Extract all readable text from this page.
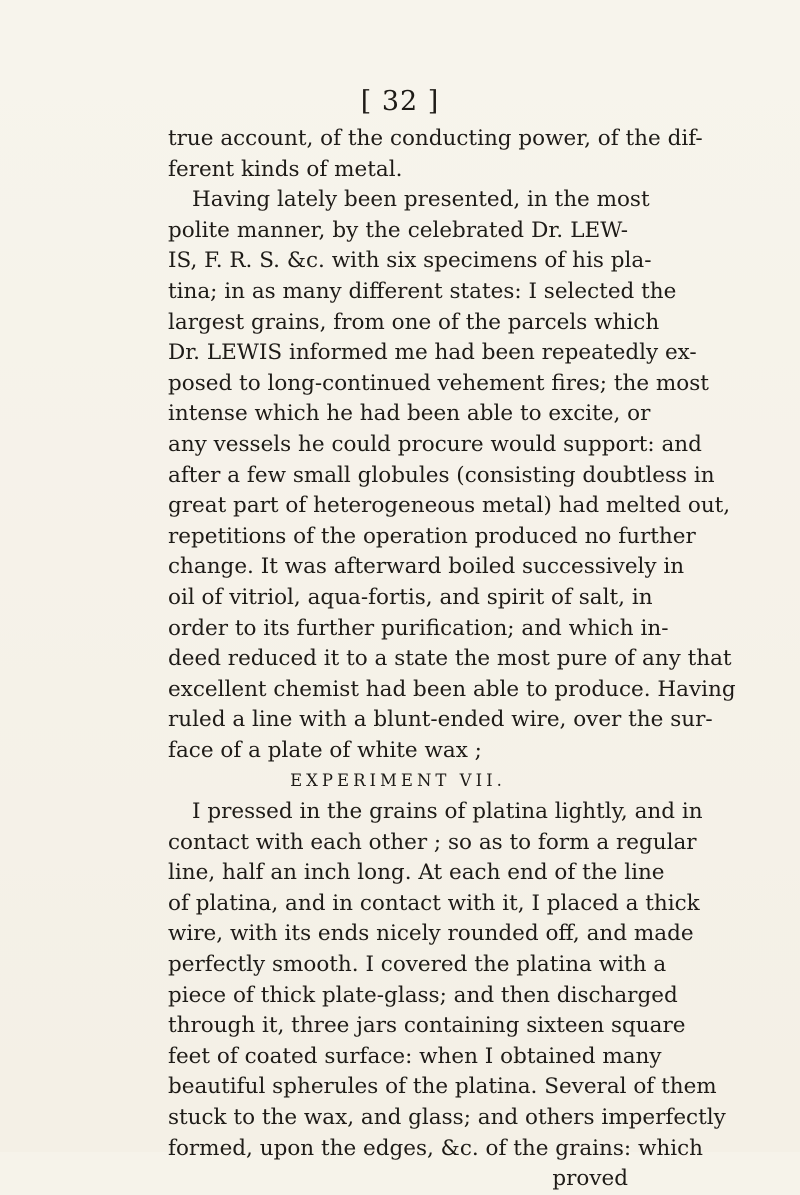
[ 32 ]
true account, of the conducting power, of the dif-
ferent kinds of metal.
Having lately been presented, in the most
polite manner, by the celebrated Dr. LEW-
IS, F. R. S. &c. with six specimens of his pla-
tina; in as many different states: I selected the
largest grains, from one of the parcels which
Dr. LEWIS informed me had been repeatedly ex-
posed to long-continued vehement fires; the most
intense which he had been able to excite, or
any vessels he could procure would support: and
after a few small globules (consisting doubtless in
great part of heterogeneous metal) had melted out,
repetitions of the operation produced no further
change. It was afterward boiled successively in
oil of vitriol, aqua-fortis, and spirit of salt, in
order to its further purification; and which in-
deed reduced it to a state the most pure of any that
excellent chemist had been able to produce. Having
ruled a line with a blunt-ended wire, over the sur-
face of a plate of white wax ;
EXPERIMENT VII.
I pressed in the grains of platina lightly, and in
contact with each other ; so as to form a regular
line, half an inch long. At each end of the line
of platina, and in contact with it, I placed a thick
wire, with its ends nicely rounded off, and made
perfectly smooth. I covered the platina with a
piece of thick plate-glass; and then discharged
through it, three jars containing sixteen square
feet of coated surface: when I obtained many
beautiful spherules of the platina. Several of them
stuck to the wax, and glass; and others imperfectly
formed, upon the edges, &c. of the grains: which
proved
